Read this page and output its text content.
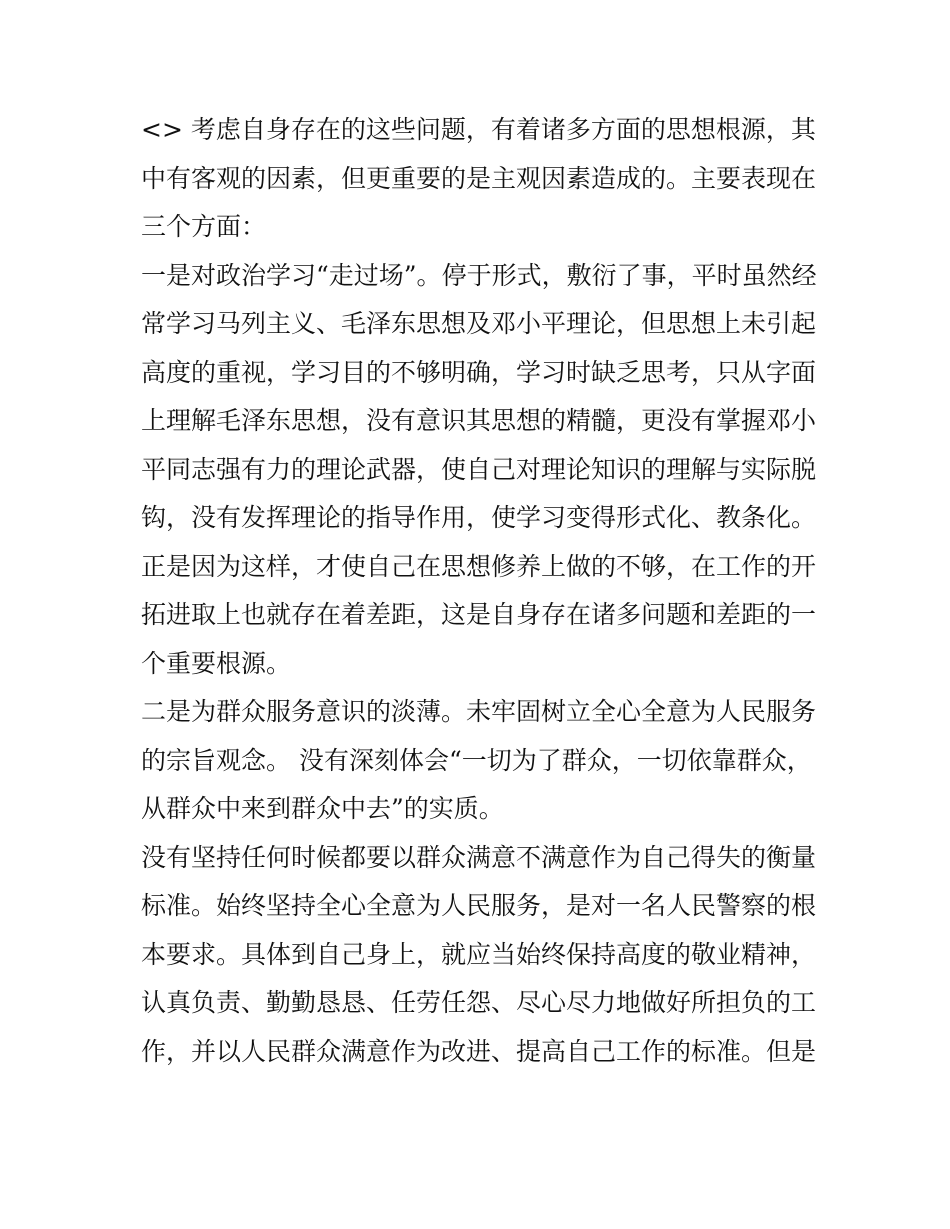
<> 考虑自身存在的这些问题，有着诸多方面的思想根源，其
中有客观的因素，但更重要的是主观因素造成的。主要表现在
三个方面：
一是对政治学习“走过场”。停于形式，敷衍了事，平时虽然经
常学习马列主义、毛泽东思想及邓小平理论，但思想上未引起
高度的重视，学习目的不够明确，学习时缺乏思考，只从字面
上理解毛泽东思想，没有意识其思想的精髓，更没有掌握邓小
平同志强有力的理论武器，使自己对理论知识的理解与实际脱
钩，没有发挥理论的指导作用，使学习变得形式化、教条化。
正是因为这样，才使自己在思想修养上做的不够，在工作的开
拓进取上也就存在着差距，这是自身存在诸多问题和差距的一
个重要根源。
二是为群众服务意识的淡薄。未牢固树立全心全意为人民服务
的宗旨观念。 没有深刻体会“一切为了群众，一切依靠群众，
从群众中来到群众中去”的实质。
没有坚持任何时候都要以群众满意不满意作为自己得失的衡量
标准。始终坚持全心全意为人民服务，是对一名人民警察的根
本要求。具体到自己身上，就应当始终保持高度的敬业精神，
认真负责、勤勤恳恳、任劳任怨、尽心尽力地做好所担负的工
作，并以人民群众满意作为改进、提高自己工作的标准。但是
